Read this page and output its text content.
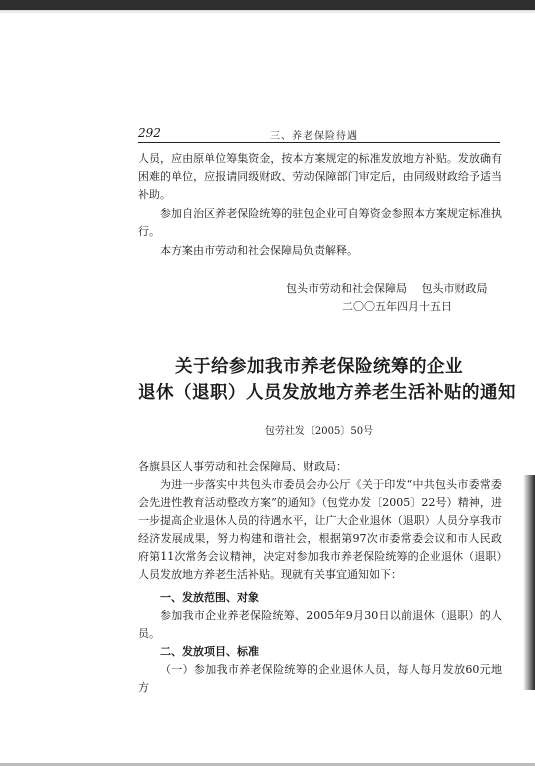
292	三、养老保险待遇

人员，应由原单位筹集资金，按本方案规定的标准发放地方补贴。发放确有困难的单位，应报请同级财政、劳动保障部门审定后，由同级财政给予适当补助。

参加自治区养老保险统筹的驻包企业可自筹资金参照本方案规定标准执行。

本方案由市劳动和社会保障局负责解释。

包头市劳动和社会保障局　 包头市财政局
二〇〇五年四月十五日
关于给参加我市养老保险统筹的企业
退休（退职）人员发放地方养老生活补贴的通知
包劳社发〔2005〕50号

各旗县区人事劳动和社会保障局、财政局：

为进一步落实中共包头市委员会办公厅《关于印发“中共包头市委常委会先进性教育活动整改方案”的通知》（包党办发〔2005〕22号）精神，进一步提高企业退休人员的待遇水平，让广大企业退休（退职）人员分享我市经济发展成果，努力构建和谐社会，根据第97次市委常委会议和市人民政府第11次常务会议精神，决定对参加我市养老保险统筹的企业退休（退职）人员发放地方养老生活补贴。现就有关事宜通知如下：

一、发放范围、对象

参加我市企业养老保险统筹、2005年9月30日以前退休（退职）的人员。

二、发放项目、标准

（一）参加我市养老保险统筹的企业退休人员，每人每月发放60元地方
